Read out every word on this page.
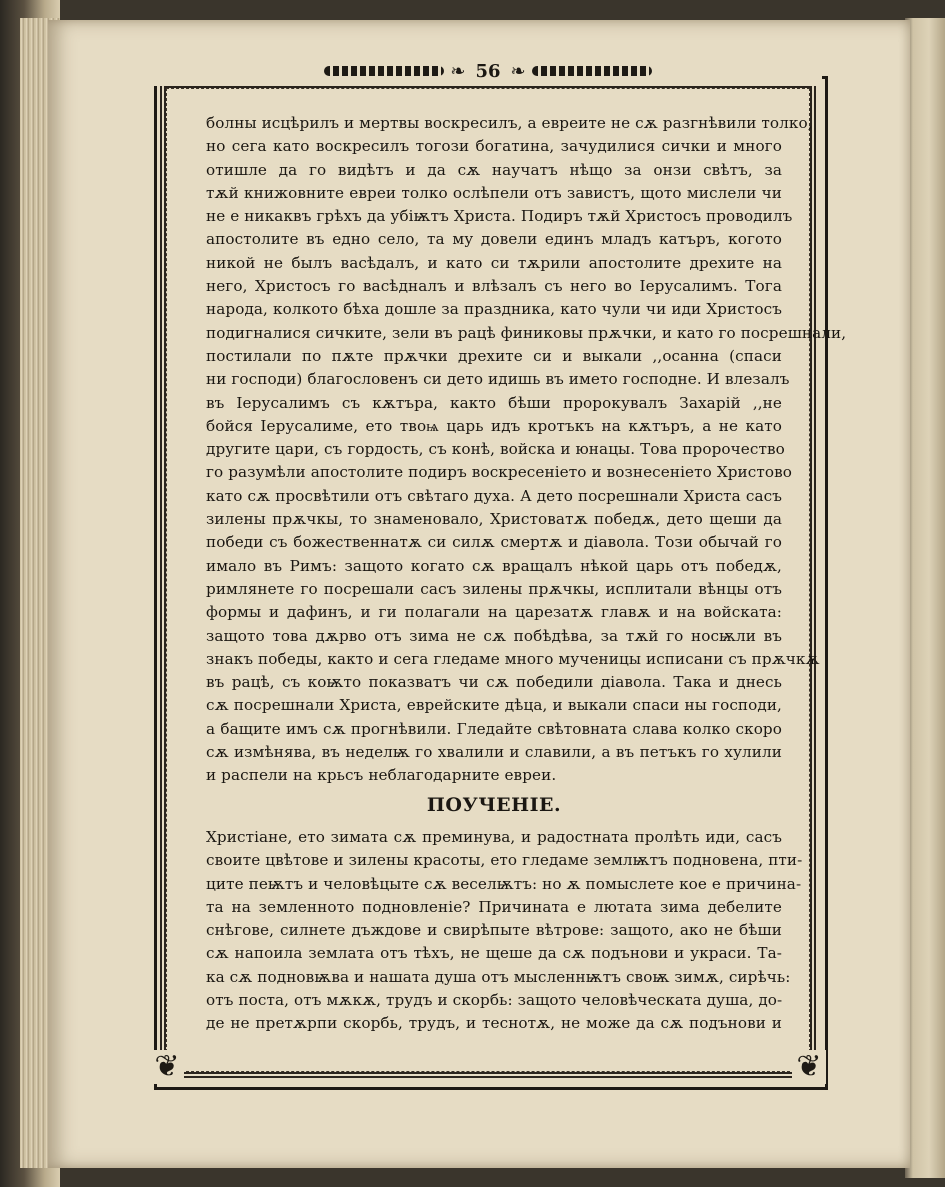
❦	❦
❧ 56 ❧
болны исцѣрилъ и мертвы воскресилъ, а евреите не сѫ разгнѣвили толко,
но сега като воскресилъ тогози богатина, зачудилися сички и много
отишле да го видѣтъ и да сѫ научатъ нѣщо за онзи свѣтъ, за
тѫй книжовните евреи толко ослѣпели отъ завистъ, щото мислели чи
не е никаквъ грѣхъ да убіѭтъ Христа. Подиръ тѫй Христосъ проводилъ
апостолите въ едно село, та му довели единъ младъ катъръ, когото
никой не былъ васѣдалъ, и като си тѫрили апостолите дрехите на
него, Христосъ го васѣдналъ и влѣзалъ съ него во Іерусалимъ. Тога
народа, колкото бѣха дошле за праздника, като чули чи иди Христосъ
подигналися сичките, зели въ рацѣ финиковы прѫчки, и като го посрешнали,
постилали по пѫте прѫчки дрехите си и выкали ,,осанна (спаси
ни господи) благословенъ си дето идишь въ името господне. И влезалъ
въ Іерусалимъ съ кѫтъра, както бѣши пророкувалъ Захарій ,,не
бойся Іерусалиме, ето твоѩ царь идъ кротъкъ на кѫтъръ, а не като
другите цари, съ гордость, съ конѣ, войска и юнацы. Това пророчество
го разумѣли апостолите подиръ воскресеніето и вознесеніето Христово
като сѫ просвѣтили отъ свѣтаго духа. А дето посрешнали Христа сасъ
зилены прѫчкы, то знаменовало, Христоватѫ победѫ, дето щеши да
победи съ божественнатѫ си силѫ смертѫ и діавола. Този обычай го
имало въ Римъ: защото когато сѫ вращалъ нѣкой царь отъ победѫ,
римлянете го посрешали сасъ зилены прѫчкы, исплитали вѣнцы отъ
формы и дафинъ, и ги полагали на царезатѫ главѫ и на войската:
защото това дѫрво отъ зима не сѫ побѣдѣва, за тѫй го носѭли въ
знакъ победы, както и сега гледаме много мученицы исписани съ прѫчкѫ
въ рацѣ, съ коѭто показватъ чи сѫ победили діавола. Така и днесь
сѫ посрешнали Христа, еврейските дѣца, и выкали спаси ны господи,
а бащите имъ сѫ прогнѣвили. Гледайте свѣтовната слава колко скоро
сѫ измѣнява, въ неделѭ го хвалили и славили, а въ петъкъ го хулили
и распели на крьсъ неблагодарните евреи.
ПОУЧЕНІЕ.
Христіане, ето зимата сѫ преминува, и радостната пролѣть иди, сасъ
своите цвѣтове и зилены красоты, ето гледаме землѭтъ подновена, пти-
ците пеѭтъ и человѣцыте сѫ веселѭтъ: но ѫ помыслете кое е причина-
та на земленното подновленіе? Причината е лютата зима дебелите
снѣгове, силнете дъждове и свирѣпыте вѣтрове: защото, ако не бѣши
сѫ напоила землата отъ тѣхъ, не щеше да сѫ подънови и украси. Та-
ка сѫ подновѭва и нашата душа отъ мысленнѭтъ своѭ зимѫ, сирѣчь:
отъ поста, отъ мѫкѫ, трудъ и скорбь: защото человѣческата душа, до-
де не претѫрпи скорбь, трудъ, и теснотѫ, не може да сѫ подънови и
